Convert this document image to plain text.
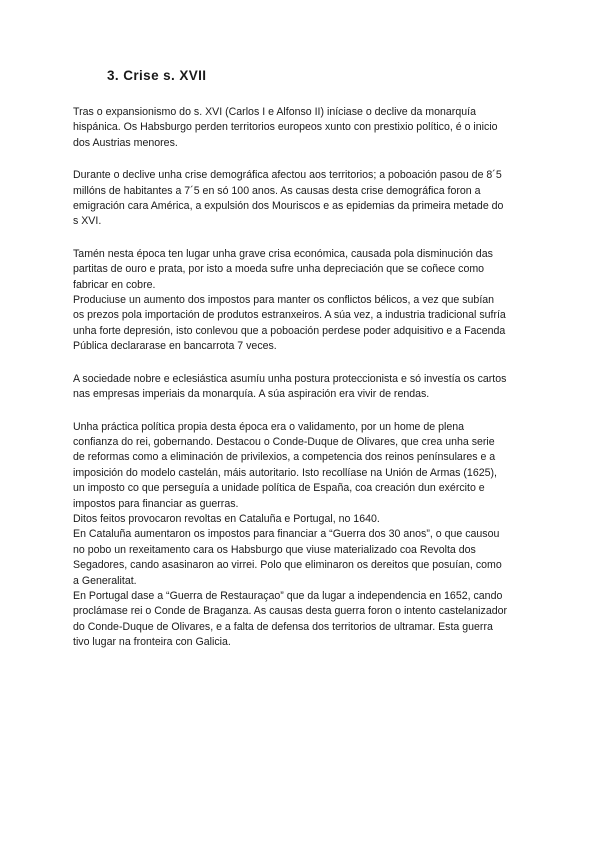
3. Crise s. XVII

Tras o expansionismo do s. XVI (Carlos I e Alfonso II) iníciase o declive da monarquía
hispánica. Os Habsburgo perden territorios europeos xunto con prestixio político, é o inicio
dos Austrias menores.

Durante o declive unha crise demográfica afectou aos territorios; a poboación pasou de 8´5
millóns de habitantes a 7´5 en só 100 anos. As causas desta crise demográfica foron a
emigración cara América, a expulsión dos Mouriscos e as epidemias da primeira metade do
s XVI.

Tamén nesta época ten lugar unha grave crisa económica, causada pola disminución das
partitas de ouro e prata, por isto a moeda sufre unha depreciación que se coñece como
fabricar en cobre.
Produciuse un aumento dos impostos para manter os conflictos bélicos, a vez que subían
os prezos pola importación de produtos estranxeiros. A súa vez, a industria tradicional sufría
unha forte depresión, isto conlevou que a poboación perdese poder adquisitivo e a Facenda
Pública declararase en bancarrota 7 veces.

A sociedade nobre e eclesiástica asumíu unha postura proteccionista e só investía os cartos
nas empresas imperiais da monarquía. A súa aspiración era vivir de rendas.

Unha práctica política propia desta época era o validamento, por un home de plena
confianza do rei, gobernando. Destacou o Conde-Duque de Olivares, que crea unha serie
de reformas como a eliminación de privilexios, a competencia dos reinos penínsulares e a
imposición do modelo castelán, máis autoritario. Isto recollíase na Unión de Armas (1625),
un imposto co que perseguía a unidade política de España, coa creación dun exército e
impostos para financiar as guerras.
Ditos feitos provocaron revoltas en Cataluña e Portugal, no 1640.
En Cataluña aumentaron os impostos para financiar a “Guerra dos 30 anos”, o que causou
no pobo un rexeitamento cara os Habsburgo que viuse materializado coa Revolta dos
Segadores, cando asasinaron ao virrei. Polo que eliminaron os dereitos que posuían, como
a Generalitat.
En Portugal dase a “Guerra de Restauraçao” que da lugar a independencia en 1652, cando
proclámase rei o Conde de Braganza. As causas desta guerra foron o intento castelanizador
do Conde-Duque de Olivares, e a falta de defensa dos territorios de ultramar. Esta guerra
tivo lugar na fronteira con Galicia.
